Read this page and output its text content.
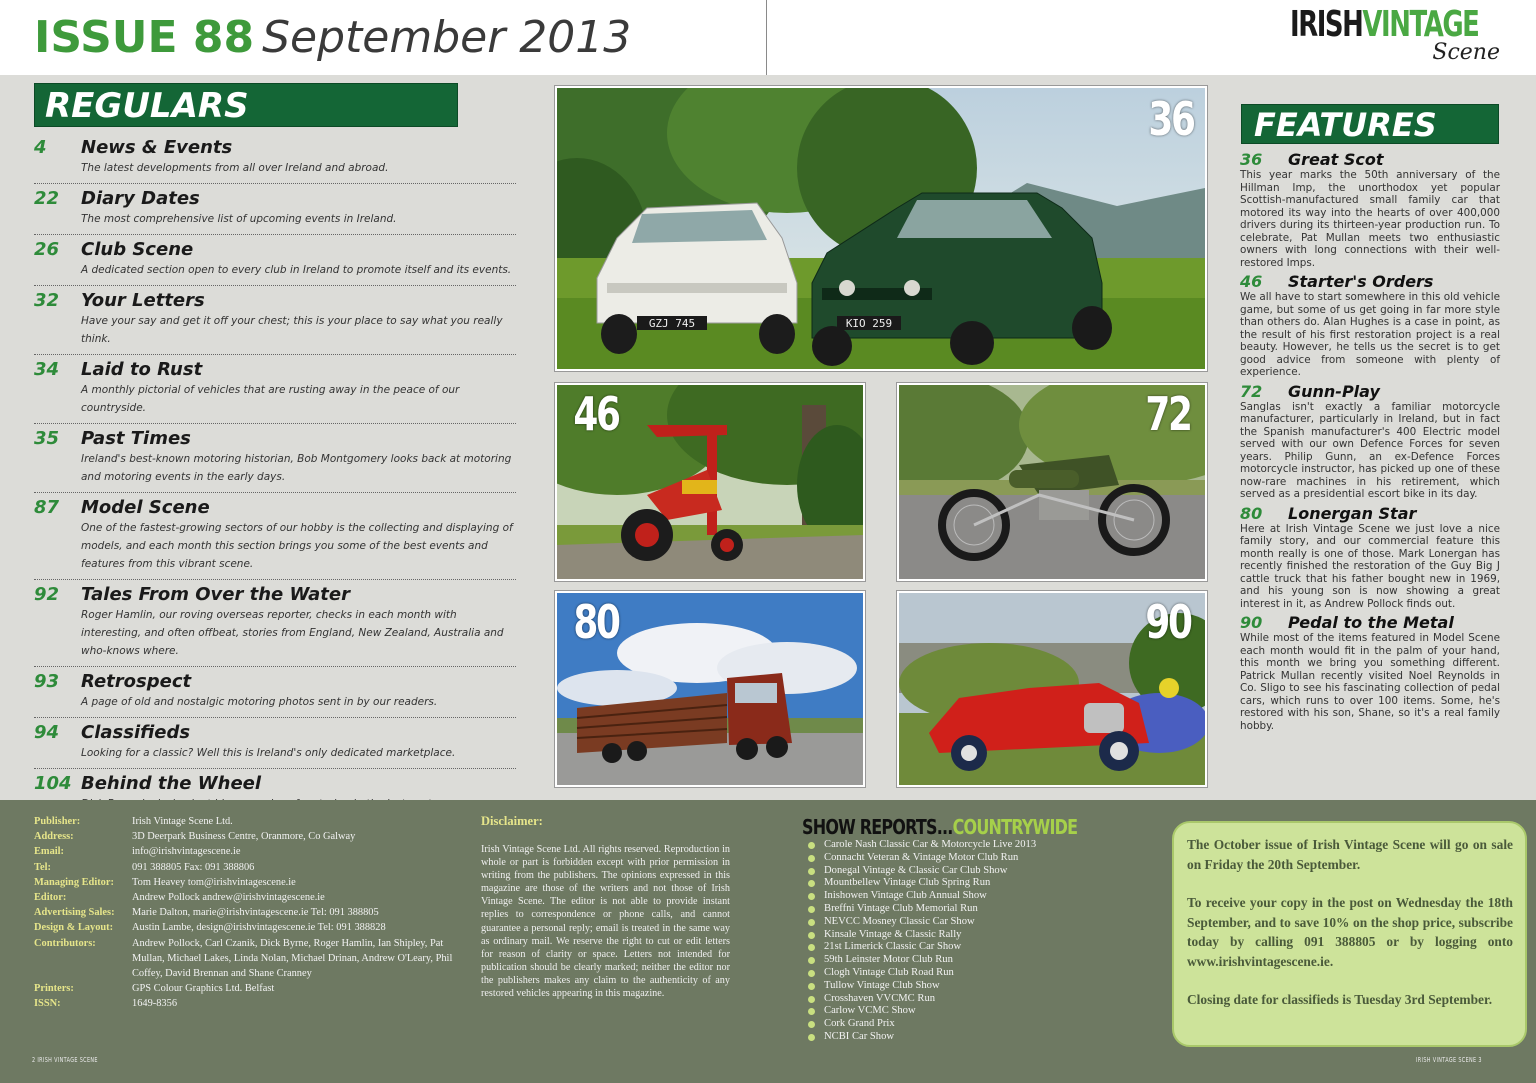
ISSUE 88 September 2013	IRISHVINTAGE
Scene
REGULARS
4 News & Events
The latest developments from all over Ireland and abroad.
22 Diary Dates
The most comprehensive list of upcoming events in Ireland.
26 Club Scene
A dedicated section open to every club in Ireland to promote itself and its events.
32 Your Letters
Have your say and get it off your chest; this is your place to say what you really think.
34 Laid to Rust
A monthly pictorial of vehicles that are rusting away in the peace of our countryside.
35 Past Times
Ireland's best-known motoring historian, Bob Montgomery looks back at motoring and motoring events in the early days.
87 Model Scene
One of the fastest-growing sectors of our hobby is the collecting and displaying of models, and each month this section brings you some of the best events and features from this vibrant scene.
92 Tales From Over the Water
Roger Hamlin, our roving overseas reporter, checks in each month with interesting, and often offbeat, stories from England, New Zealand, Australia and who-knows where.
93 Retrospect
A page of old and nostalgic motoring photos sent in by our readers.
94 Classifieds
Looking for a classic? Well this is Ireland's only dedicated marketplace.
104 Behind the Wheel
GZJ 745	KIO 259
36
46	72
80	90
FEATURES
36 Great Scot
This year marks the 50th anniversary of the Hillman Imp, the unorthodox yet popular Scottish-manufactured small family car that motored its way into the hearts of over 400,000 drivers during its thirteen-year production run. To celebrate, Pat Mullan meets two enthusiastic owners with long connections with their well-restored Imps.
46 Starter's Orders
We all have to start somewhere in this old vehicle game, but some of us get going in far more style than others do. Alan Hughes is a case in point, as the result of his first restoration project is a real beauty. However, he tells us the secret is to get good advice from someone with plenty of experience.
72 Gunn-Play
Sanglas isn't exactly a familiar motorcycle manufacturer, particularly in Ireland, but in fact the Spanish manufacturer's 400 Electric model served with our own Defence Forces for seven years. Philip Gunn, an ex-Defence Forces motorcycle instructor, has picked up one of these now-rare machines in his retirement, which served as a presidential escort bike in its day.
80 Lonergan Star
Here at Irish Vintage Scene we just love a nice family story, and our commercial feature this month really is one of those. Mark Lonergan has recently finished the restoration of the Guy Big J cattle truck that his father bought new in 1969, and his young son is now showing a great interest in it, as Andrew Pollock finds out.
90 Pedal to the Metal
While most of the items featured in Model Scene each month would fit in the palm of your hand, this month we bring you something different. Patrick Mullan recently visited Noel Reynolds in Co. Sligo to see his fascinating collection of pedal cars, which runs to over 100 items. Some, he's restored with his son, Shane, so it's a real family hobby.
Publisher:	Irish Vintage Scene Ltd.
Address:	3D Deerpark Business Centre, Oranmore, Co Galway
Email:	info@irishvintagescene.ie
Tel:	091 388805 Fax: 091 388806
Managing Editor:	Tom Heavey tom@irishvintagescene.ie
Editor:	Andrew Pollock andrew@irishvintagescene.ie
Advertising Sales:	Marie Dalton, marie@irishvintagescene.ie Tel: 091 388805
Design & Layout:	Austin Lambe, design@irishvintagescene.ie Tel: 091 388828
Contributors:	Andrew Pollock, Carl Czanik, Dick Byrne, Roger Hamlin, Ian Shipley, Pat Mullan, Michael Lakes, Linda Nolan, Michael Drinan, Andrew O'Leary, Phil Coffey, David Brennan and Shane Cranney
Printers:	GPS Colour Graphics Ltd. Belfast
ISSN:	1649-8356
Disclaimer:
Irish Vintage Scene Ltd. All rights reserved. Reproduction in whole or part is forbidden except with prior permission in writing from the publishers. The opinions expressed in this magazine are those of the writers and not those of Irish Vintage Scene. The editor is not able to provide instant replies to correspondence or phone calls, and cannot guarantee a personal reply; email is treated in the same way as ordinary mail. We reserve the right to cut or edit letters for reason of clarity or space. Letters not intended for publication should be clearly marked; neither the editor nor the publishers makes any claim to the authenticity of any restored vehicles appearing in this magazine.
SHOW REPORTS...COUNTRYWIDE
Carole Nash Classic Car & Motorcycle Live 2013
Connacht Veteran & Vintage Motor Club Run
Donegal Vintage & Classic Car Club Show
Mountbellew Vintage Club Spring Run
Inishowen Vintage Club Annual Show
Breffni Vintage Club Memorial Run
NEVCC Mosney Classic Car Show
Kinsale Vintage & Classic Rally
21st Limerick Classic Car Show
59th Leinster Motor Club Run
Clogh Vintage Club Road Run
Tullow Vintage Club Show
Crosshaven VVCMC Run
Carlow VCMC Show
Cork Grand Prix
NCBI Car Show

The October issue of Irish Vintage Scene will go on sale on Friday the 20th September.

To receive your copy in the post on Wednesday the 18th September, and to save 10% on the shop price, subscribe today by calling 091 388805 or by logging onto www.irishvintagescene.ie.

Closing date for classifieds is Tuesday 3rd September.

2 IRISH VINTAGE SCENE	IRISH VINTAGE SCENE 3
